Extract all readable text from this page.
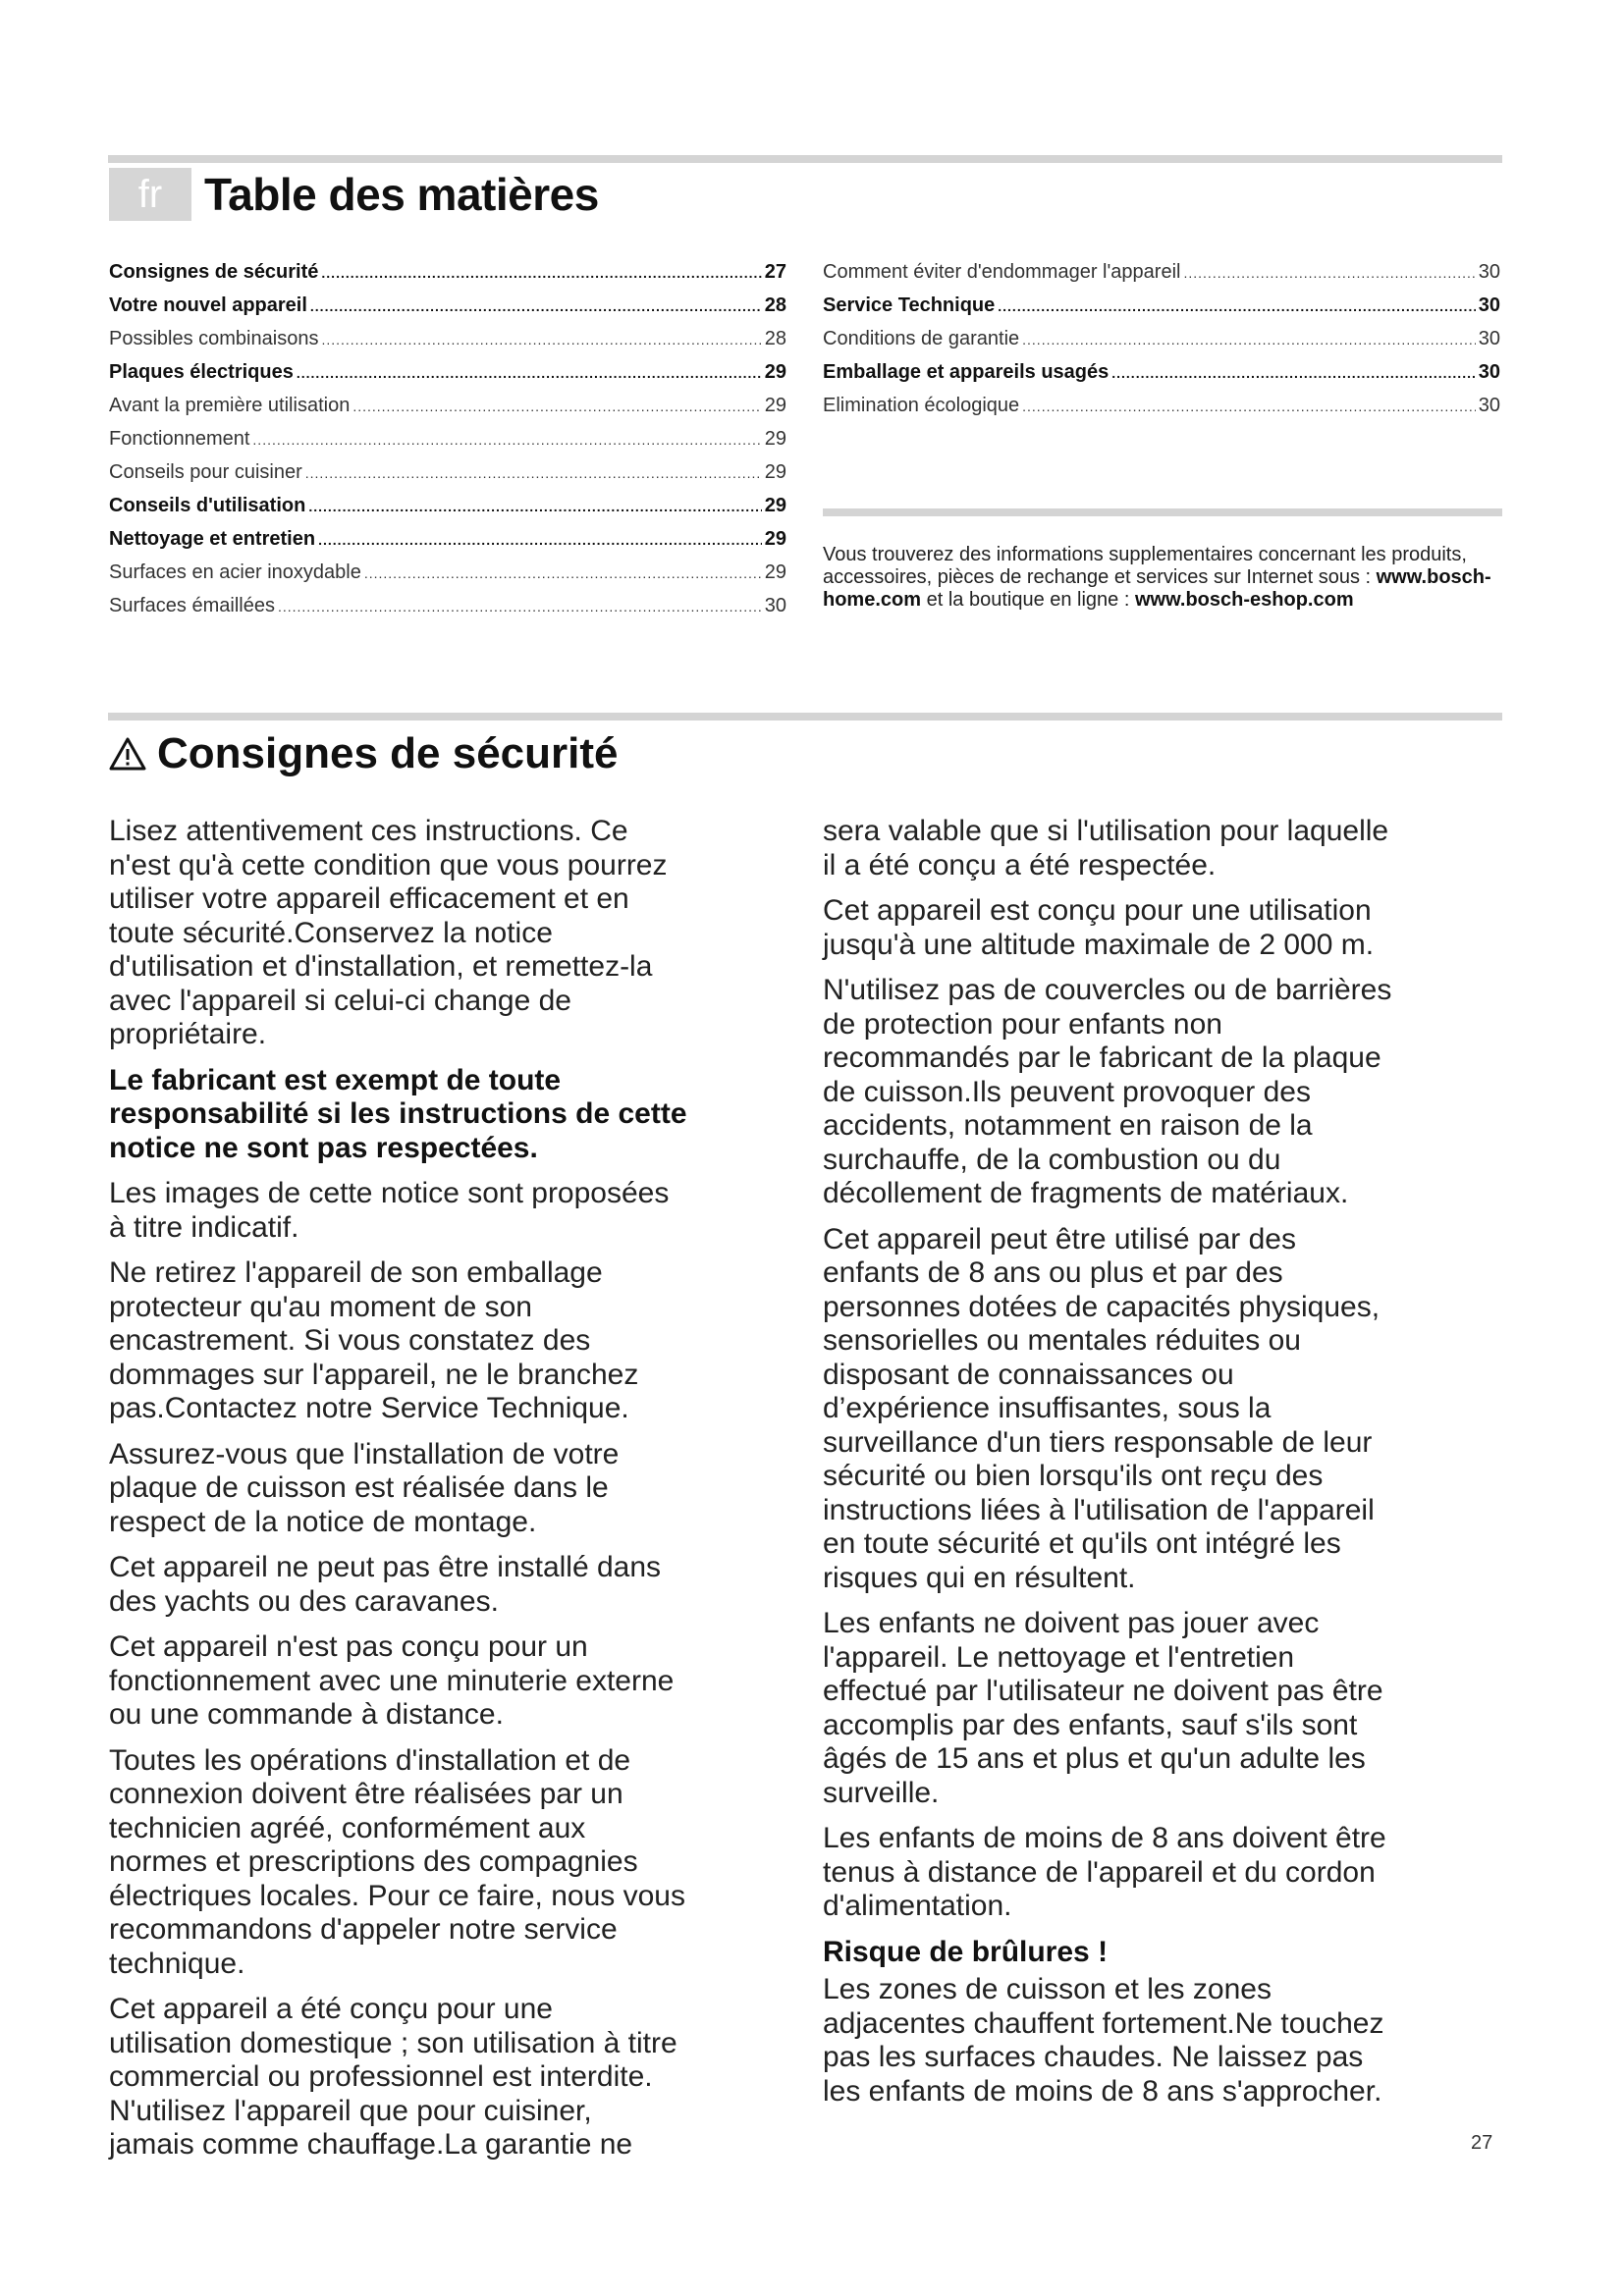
fr Table des matières
Consignes de sécurité .....	27
Votre nouvel appareil .....	28
Possibles combinaisons .....	28
Plaques électriques .....	29
Avant la première utilisation .....	29
Fonctionnement .....	29
Conseils pour cuisiner .....	29
Conseils d'utilisation .....	29
Nettoyage et entretien .....	29
Surfaces en acier inoxydable .....	29
Surfaces émaillées .....	30
Comment éviter d'endommager l'appareil .....	30
Service Technique .....	30
Conditions de garantie .....	30
Emballage et appareils usagés .....	30
Elimination écologique .....	30
Vous trouverez des informations supplementaires concernant les produits, accessoires, pièces de rechange et services sur Internet sous : www.bosch-home.com et la boutique en ligne : www.bosch-eshop.com
Consignes de sécurité

Lisez attentivement ces instructions. Ce
n'est qu'à cette condition que vous pourrez
utiliser votre appareil efficacement et en
toute sécurité.Conservez la notice
d'utilisation et d'installation, et remettez-la
avec l'appareil si celui-ci change de
propriétaire.

Le fabricant est exempt de toute
responsabilité si les instructions de cette
notice ne sont pas respectées.

Les images de cette notice sont proposées
à titre indicatif.

Ne retirez l'appareil de son emballage
protecteur qu'au moment de son
encastrement. Si vous constatez des
dommages sur l'appareil, ne le branchez
pas.Contactez notre Service Technique.

Assurez-vous que l'installation de votre
plaque de cuisson est réalisée dans le
respect de la notice de montage.

Cet appareil ne peut pas être installé dans
des yachts ou des caravanes.

Cet appareil n'est pas conçu pour un
fonctionnement avec une minuterie externe
ou une commande à distance.

Toutes les opérations d'installation et de
connexion doivent être réalisées par un
technicien agréé, conformément aux
normes et prescriptions des compagnies
électriques locales. Pour ce faire, nous vous
recommandons d'appeler notre service
technique.

Cet appareil a été conçu pour une
utilisation domestique ; son utilisation à titre
commercial ou professionnel est interdite.
N'utilisez l'appareil que pour cuisiner,
jamais comme chauffage.La garantie ne

sera valable que si l'utilisation pour laquelle
il a été conçu a été respectée.

Cet appareil est conçu pour une utilisation
jusqu'à une altitude maximale de 2 000 m.

N'utilisez pas de couvercles ou de barrières
de protection pour enfants non
recommandés par le fabricant de la plaque
de cuisson.Ils peuvent provoquer des
accidents, notamment en raison de la
surchauffe, de la combustion ou du
décollement de fragments de matériaux.

Cet appareil peut être utilisé par des
enfants de 8 ans ou plus et par des
personnes dotées de capacités physiques,
sensorielles ou mentales réduites ou
disposant de connaissances ou
d’expérience insuffisantes, sous la
surveillance d'un tiers responsable de leur
sécurité ou bien lorsqu'ils ont reçu des
instructions liées à l'utilisation de l'appareil
en toute sécurité et qu'ils ont intégré les
risques qui en résultent.

Les enfants ne doivent pas jouer avec
l'appareil. Le nettoyage et l'entretien
effectué par l'utilisateur ne doivent pas être
accomplis par des enfants, sauf s'ils sont
âgés de 15 ans et plus et qu'un adulte les
surveille.

Les enfants de moins de 8 ans doivent être
tenus à distance de l'appareil et du cordon
d'alimentation.

Risque de brûlures !

Les zones de cuisson et les zones
adjacentes chauffent fortement.Ne touchez
pas les surfaces chaudes. Ne laissez pas
les enfants de moins de 8 ans s'approcher.

27
